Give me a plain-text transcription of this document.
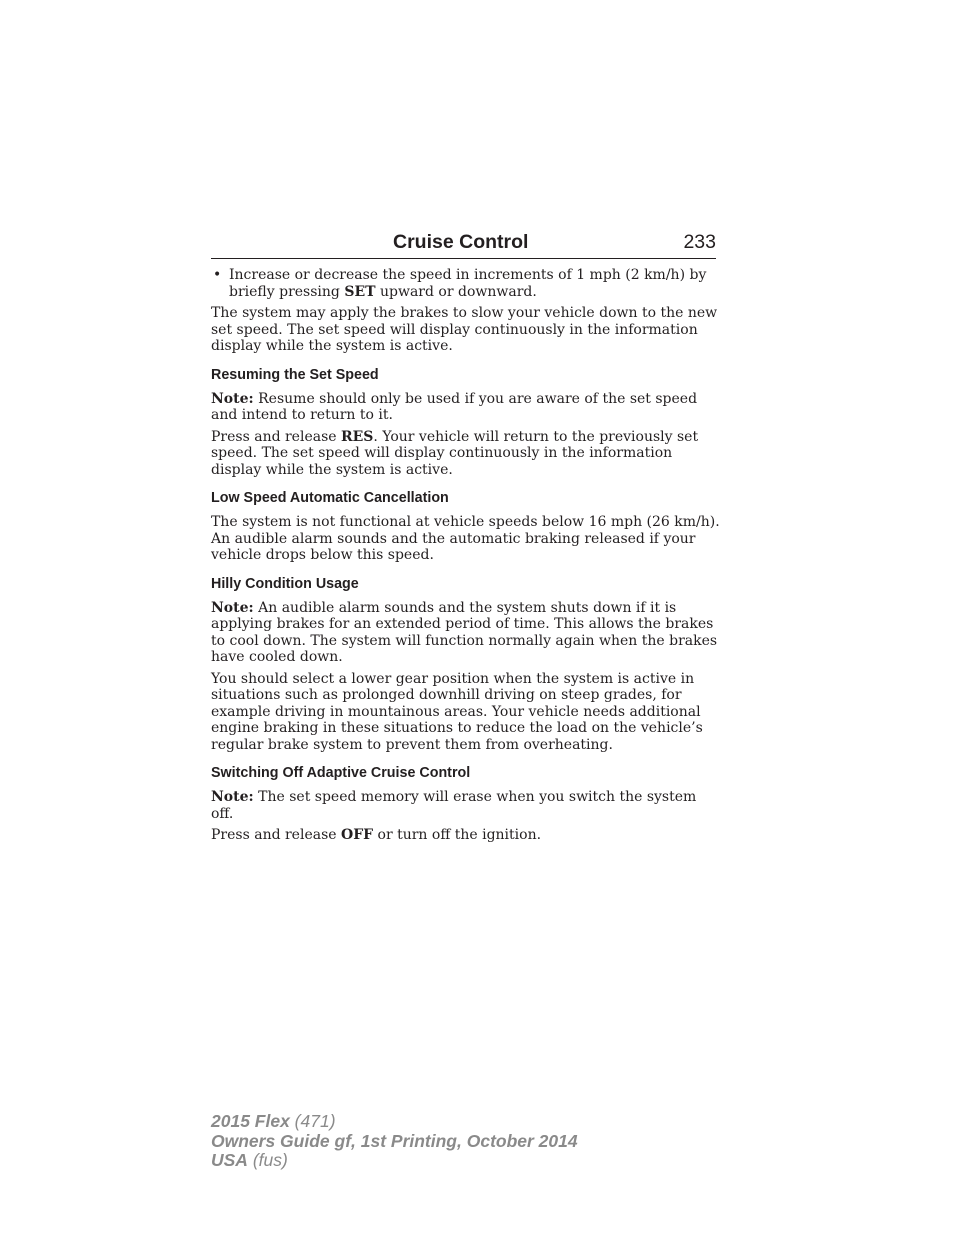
Cruise Control	233
• Increase or decrease the speed in increments of 1 mph (2 km/h) by briefly pressing SET upward or downward.

The system may apply the brakes to slow your vehicle down to the new set speed. The set speed will display continuously in the information display while the system is active.

Resuming the Set Speed

Note: Resume should only be used if you are aware of the set speed and intend to return to it.

Press and release RES. Your vehicle will return to the previously set speed. The set speed will display continuously in the information display while the system is active.

Low Speed Automatic Cancellation

The system is not functional at vehicle speeds below 16 mph (26 km/h). An audible alarm sounds and the automatic braking released if your vehicle drops below this speed.

Hilly Condition Usage

Note: An audible alarm sounds and the system shuts down if it is applying brakes for an extended period of time. This allows the brakes to cool down. The system will function normally again when the brakes have cooled down.

You should select a lower gear position when the system is active in situations such as prolonged downhill driving on steep grades, for example driving in mountainous areas. Your vehicle needs additional engine braking in these situations to reduce the load on the vehicle’s regular brake system to prevent them from overheating.

Switching Off Adaptive Cruise Control

Note: The set speed memory will erase when you switch the system off.

Press and release OFF or turn off the ignition.

2015 Flex (471)
Owners Guide gf, 1st Printing, October 2014
USA (fus)
